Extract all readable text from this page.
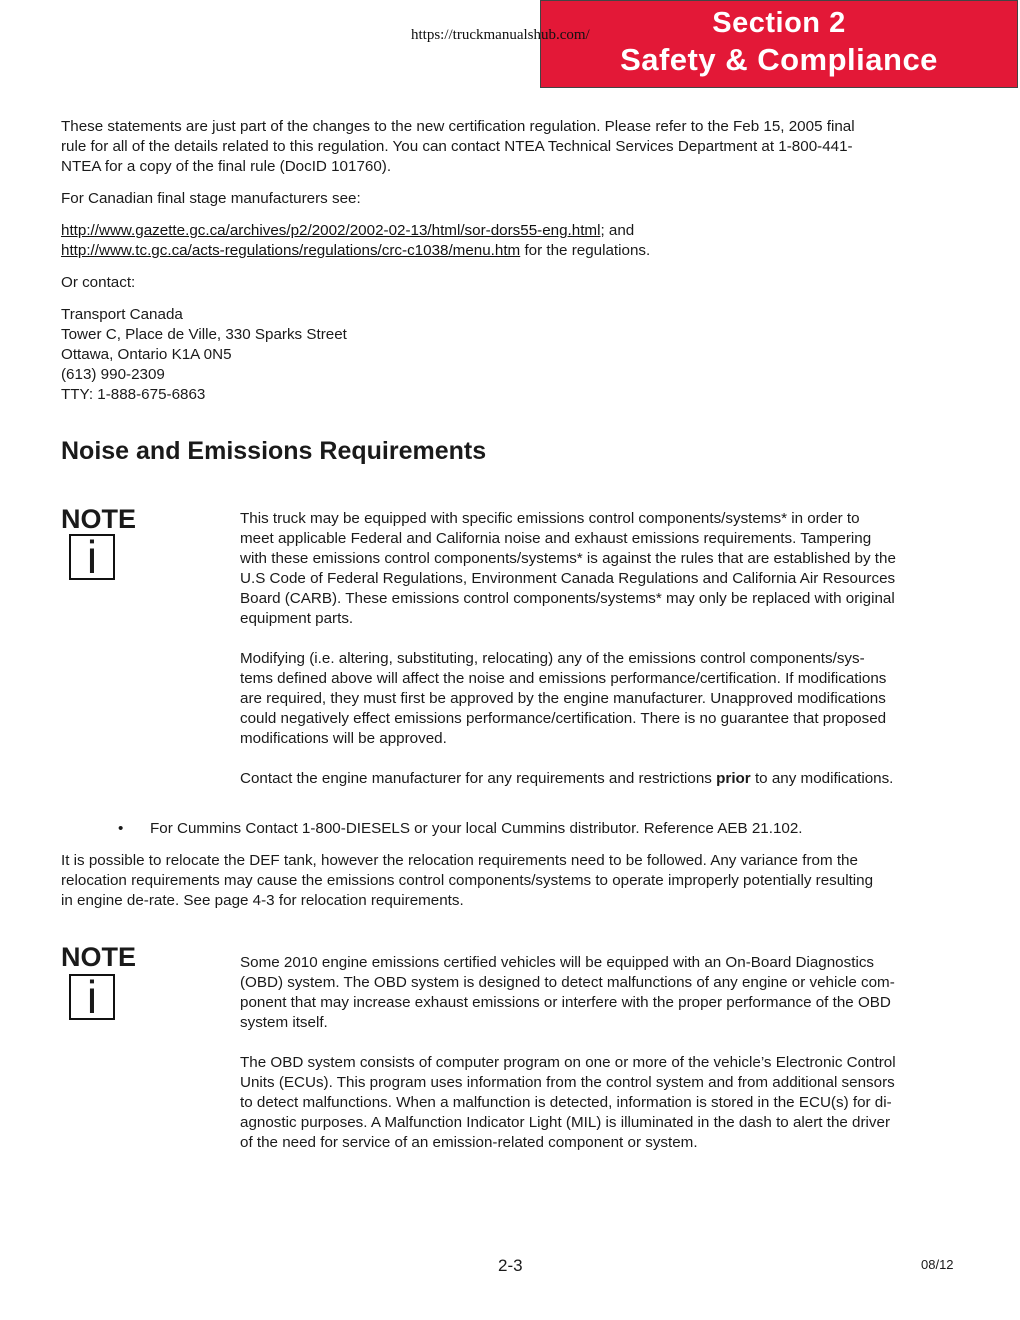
https://truckmanualshub.com/	Section 2
Safety & Compliance
These statements are just part of the changes to the new certification regulation. Please refer to the Feb 15, 2005 final
rule for all of the details related to this regulation. You can contact NTEA Technical Services Department at 1-800-441-
NTEA for a copy of the final rule (DocID 101760).
For Canadian final stage manufacturers see:
http://www.gazette.gc.ca/archives/p2/2002/2002-02-13/html/sor-dors55-eng.html; and
http://www.tc.gc.ca/acts-regulations/regulations/crc-c1038/menu.htm for the regulations.
Or contact:
Transport Canada
Tower C, Place de Ville, 330 Sparks Street
Ottawa, Ontario K1A 0N5
(613) 990-2309
TTY: 1-888-675-6863
Noise and Emissions Requirements
NOTE
i
This truck may be equipped with specific emissions control components/systems* in order to
meet applicable Federal and California noise and exhaust emissions requirements. Tampering
with these emissions control components/systems* is against the rules that are established by the
U.S Code of Federal Regulations, Environment Canada Regulations and California Air Resources
Board (CARB). These emissions control components/systems* may only be replaced with original
equipment parts.
Modifying (i.e. altering, substituting, relocating) any of the emissions control components/sys-
tems defined above will affect the noise and emissions performance/certification. If modifications
are required, they must first be approved by the engine manufacturer. Unapproved modifications
could negatively effect emissions performance/certification. There is no guarantee that proposed
modifications will be approved.
Contact the engine manufacturer for any requirements and restrictions prior to any modifications.
• For Cummins Contact 1-800-DIESELS or your local Cummins distributor. Reference AEB 21.102.
It is possible to relocate the DEF tank, however the relocation requirements need to be followed. Any variance from the
relocation requirements may cause the emissions control components/systems to operate improperly potentially resulting
in engine de-rate. See page 4-3 for relocation requirements.
NOTE
i
Some 2010 engine emissions certified vehicles will be equipped with an On-Board Diagnostics
(OBD) system. The OBD system is designed to detect malfunctions of any engine or vehicle com-
ponent that may increase exhaust emissions or interfere with the proper performance of the OBD
system itself.
The OBD system consists of computer program on one or more of the vehicle’s Electronic Control
Units (ECUs). This program uses information from the control system and from additional sensors
to detect malfunctions. When a malfunction is detected, information is stored in the ECU(s) for di-
agnostic purposes. A Malfunction Indicator Light (MIL) is illuminated in the dash to alert the driver
of the need for service of an emission-related component or system.
2-3	08/12
